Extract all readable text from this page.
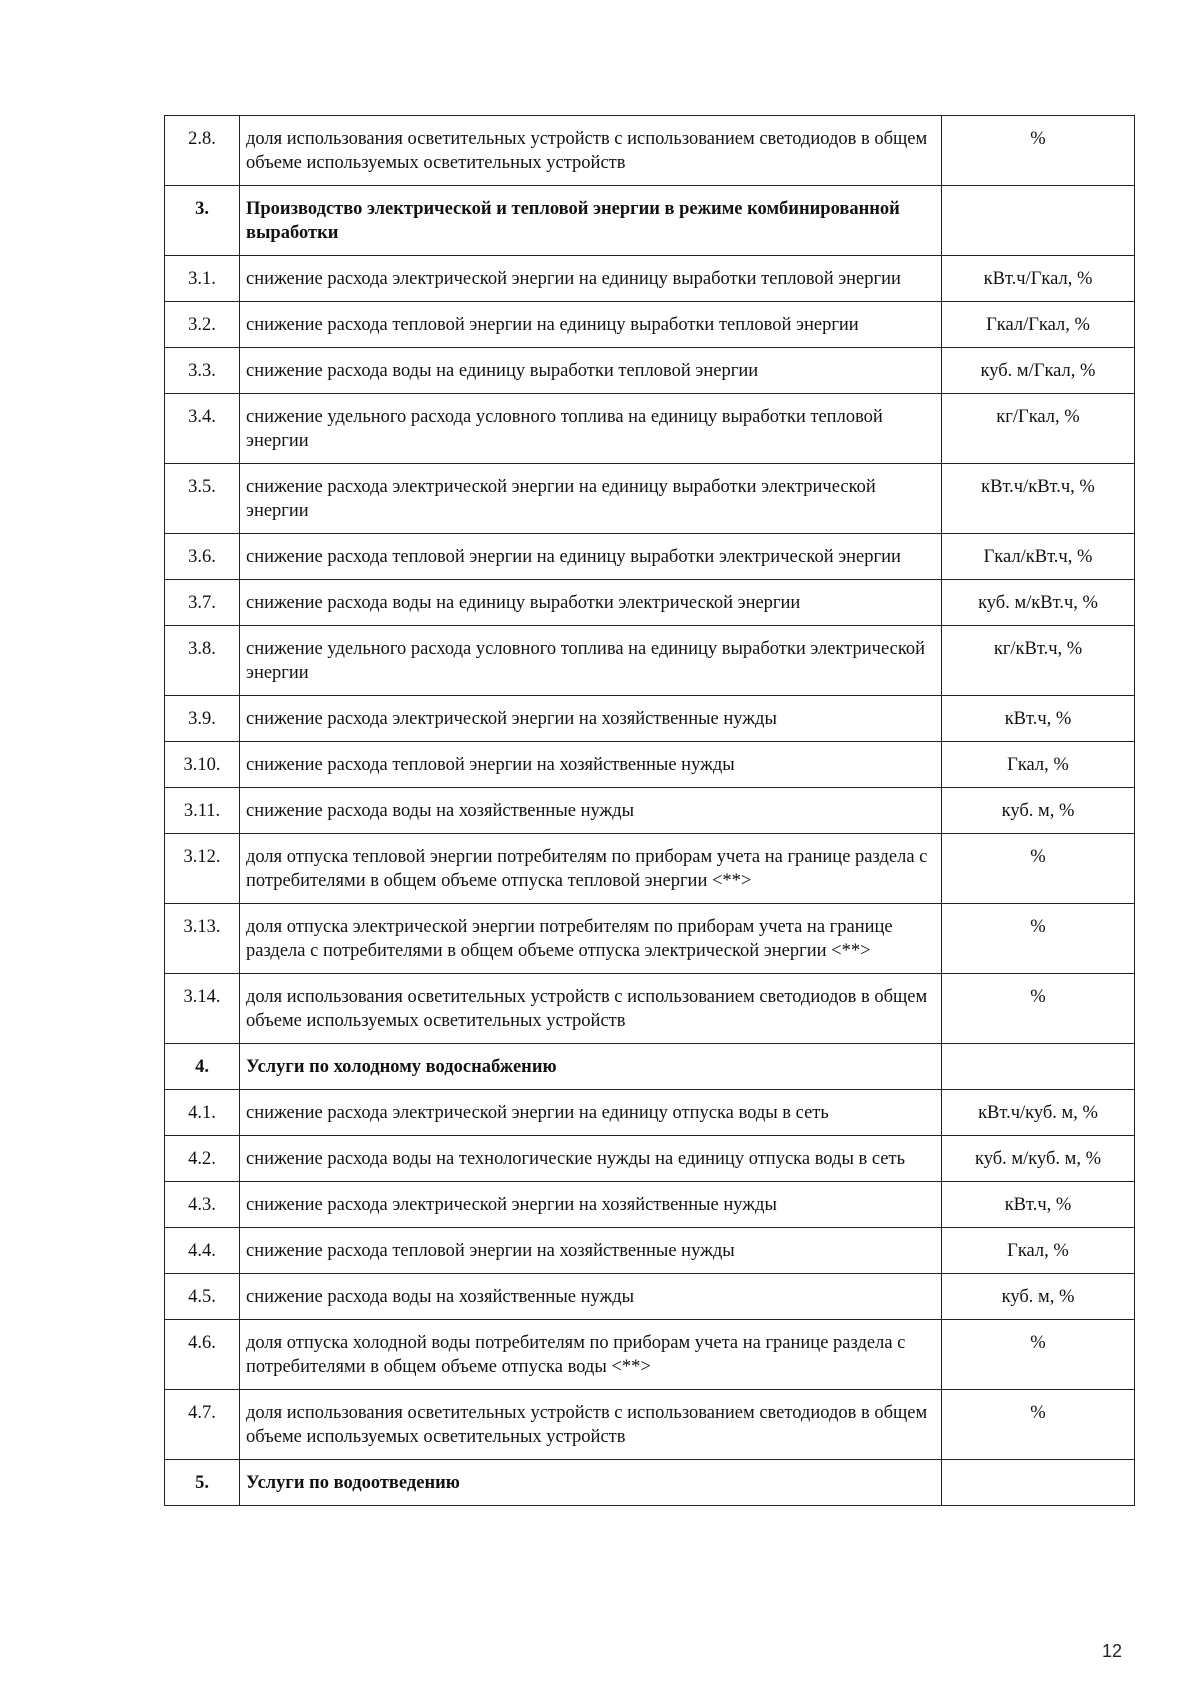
2.8.	доля использования осветительных устройств с использованием светодиодов в общем объеме используемых осветительных устройств	%
3.	Производство электрической и тепловой энергии в режиме комбинированной выработки	
3.1.	снижение расхода электрической энергии на единицу выработки тепловой энергии	кВт.ч/Гкал, %
3.2.	снижение расхода тепловой энергии на единицу выработки тепловой энергии	Гкал/Гкал, %
3.3.	снижение расхода воды на единицу выработки тепловой энергии	куб. м/Гкал, %
3.4.	снижение удельного расхода условного топлива на единицу выработки тепловой энергии	кг/Гкал, %
3.5.	снижение расхода электрической энергии на единицу выработки электрической энергии	кВт.ч/кВт.ч, %
3.6.	снижение расхода тепловой энергии на единицу выработки электрической энергии	Гкал/кВт.ч, %
3.7.	снижение расхода воды на единицу выработки электрической энергии	куб. м/кВт.ч, %
3.8.	снижение удельного расхода условного топлива на единицу выработки электрической энергии	кг/кВт.ч, %
3.9.	снижение расхода электрической энергии на хозяйственные нужды	кВт.ч, %
3.10.	снижение расхода тепловой энергии на хозяйственные нужды	Гкал, %
3.11.	снижение расхода воды на хозяйственные нужды	куб. м, %
3.12.	доля отпуска тепловой энергии потребителям по приборам учета на границе раздела с потребителями в общем объеме отпуска тепловой энергии <**>	%
3.13.	доля отпуска электрической энергии потребителям по приборам учета на границе раздела с потребителями в общем объеме отпуска электрической энергии <**>	%
3.14.	доля использования осветительных устройств с использованием светодиодов в общем объеме используемых осветительных устройств	%
4.	Услуги по холодному водоснабжению	
4.1.	снижение расхода электрической энергии на единицу отпуска воды в сеть	кВт.ч/куб. м, %
4.2.	снижение расхода воды на технологические нужды на единицу отпуска воды в сеть	куб. м/куб. м, %
4.3.	снижение расхода электрической энергии на хозяйственные нужды	кВт.ч, %
4.4.	снижение расхода тепловой энергии на хозяйственные нужды	Гкал, %
4.5.	снижение расхода воды на хозяйственные нужды	куб. м, %
4.6.	доля отпуска холодной воды потребителям по приборам учета на границе раздела с потребителями в общем объеме отпуска воды <**>	%
4.7.	доля использования осветительных устройств с использованием светодиодов в общем объеме используемых осветительных устройств	%
5.	Услуги по водоотведению	
12
